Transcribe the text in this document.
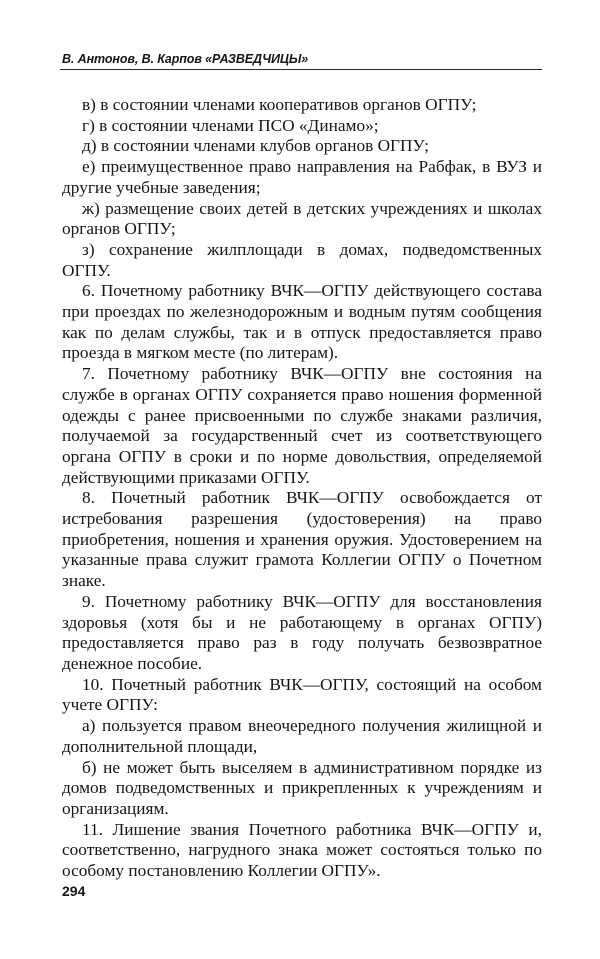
В. Антонов, В. Карпов «РАЗВЕДЧИЦЫ»

в) в состоянии членами кооперативов органов ОГПУ;

г) в состоянии членами ПСО «Динамо»;

д) в состоянии членами клубов органов ОГПУ;

е) преимущественное право направления на Рабфак, в ВУЗ и другие учебные заведения;

ж) размещение своих детей в детских учреждениях и школах органов ОГПУ;

з) сохранение жилплощади в домах, подведомственных ОГПУ.

6. Почетному работнику ВЧК—ОГПУ действующего состава при проездах по железнодорожным и водным путям сообщения как по делам службы, так и в отпуск предоставляется право проезда в мягком месте (по литерам).

7. Почетному работнику ВЧК—ОГПУ вне состояния на службе в органах ОГПУ сохраняется право ношения форменной одежды с ранее присвоенными по службе знаками различия, получаемой за государственный счет из соответствующего органа ОГПУ в сроки и по норме довольствия, определяемой действующими приказами ОГПУ.

8. Почетный работник ВЧК—ОГПУ освобождается от истребования разрешения (удостоверения) на право приобретения, ношения и хранения оружия. Удостоверением на указанные права служит грамота Коллегии ОГПУ о Почетном знаке.

9. Почетному работнику ВЧК—ОГПУ для восстановления здоровья (хотя бы и не работающему в органах ОГПУ) предоставляется право раз в году получать безвозвратное денежное пособие.

10. Почетный работник ВЧК—ОГПУ, состоящий на особом учете ОГПУ:

а) пользуется правом внеочередного получения жилищной и дополнительной площади,

б) не может быть выселяем в административном порядке из домов подведомственных и прикрепленных к учреждениям и организациям.

11. Лишение звания Почетного работника ВЧК—ОГПУ и, соответственно, нагрудного знака может состояться только по особому постановлению Коллегии ОГПУ».

294
